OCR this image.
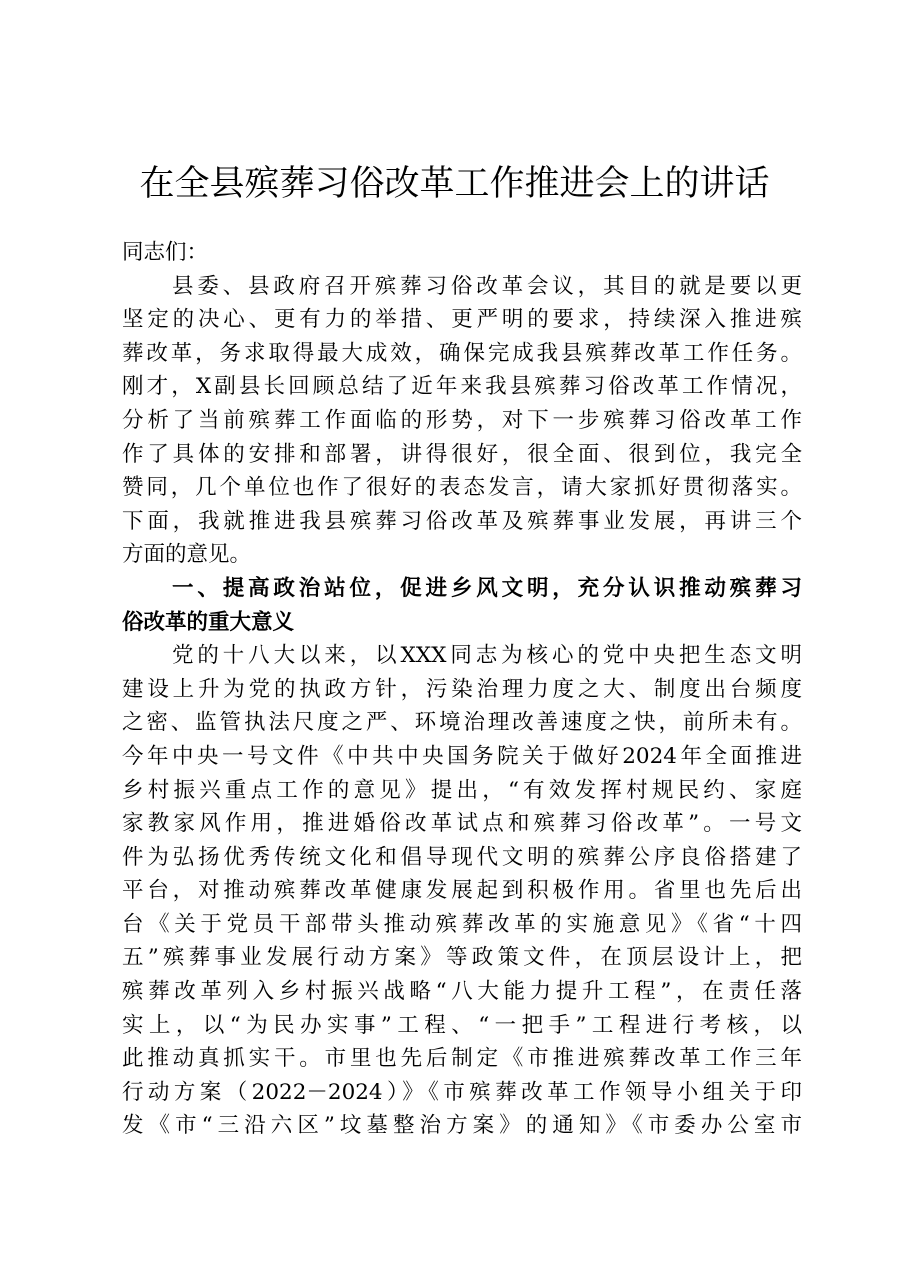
在全县殡葬习俗改革工作推进会上的讲话
同志们：
县委、县政府召开殡葬习俗改革会议，其目的就是要以更
坚定的决心、更有力的举措、更严明的要求，持续深入推进殡
葬改革，务求取得最大成效，确保完成我县殡葬改革工作任务。
刚才，X副县长回顾总结了近年来我县殡葬习俗改革工作情况，
分析了当前殡葬工作面临的形势，对下一步殡葬习俗改革工作
作了具体的安排和部署，讲得很好，很全面、很到位，我完全
赞同，几个单位也作了很好的表态发言，请大家抓好贯彻落实。
下面，我就推进我县殡葬习俗改革及殡葬事业发展，再讲三个
方面的意见。
一、提高政治站位，促进乡风文明，充分认识推动殡葬习
俗改革的重大意义
党的十八大以来，以XXX同志为核心的党中央把生态文明
建设上升为党的执政方针，污染治理力度之大、制度出台频度
之密、监管执法尺度之严、环境治理改善速度之快，前所未有。
今年中央一号文件《中共中央国务院关于做好2024年全面推进
乡村振兴重点工作的意见》提出，“有效发挥村规民约、家庭
家教家风作用，推进婚俗改革试点和殡葬习俗改革”。一号文
件为弘扬优秀传统文化和倡导现代文明的殡葬公序良俗搭建了
平台，对推动殡葬改革健康发展起到积极作用。省里也先后出
台《关于党员干部带头推动殡葬改革的实施意见》《省“十四
五”殡葬事业发展行动方案》等政策文件，在顶层设计上，把
殡葬改革列入乡村振兴战略“八大能力提升工程”，在责任落
实上，以“为民办实事”工程、“一把手”工程进行考核，以
此推动真抓实干。市里也先后制定《市推进殡葬改革工作三年
行动方案（2022－2024）》《市殡葬改革工作领导小组关于印
发《市“三沿六区”坟墓整治方案》的通知》《市委办公室市
